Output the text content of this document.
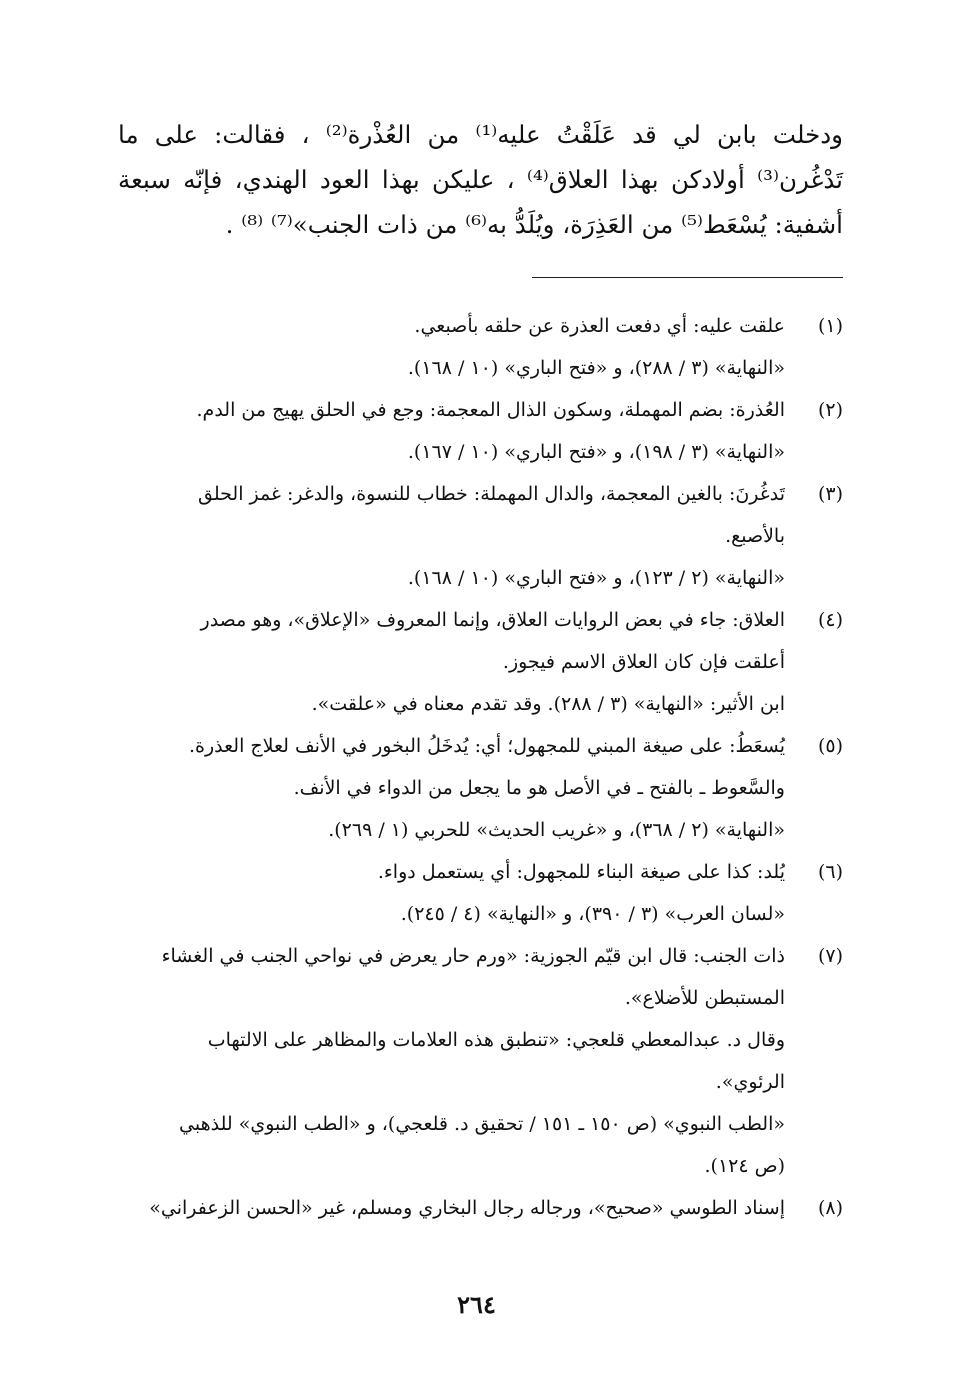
ودخلت بابن لي قد عَلَقْتُ عليه⁽¹⁾ من العُذْرة⁽²⁾ ، فقالت: على ما
تَدْغُرن⁽³⁾ أولادكن بهذا العلاق⁽⁴⁾ ، عليكن بهذا العود الهندي، فإنّه سبعة
أشفية: يُسْعَط⁽⁵⁾ من العَذِرَة، ويُلَدُّ به⁽⁶⁾ من ذات الجنب»⁽⁷⁾ ⁽⁸⁾ .
(١)
علقت عليه: أي دفعت العذرة عن حلقه بأصبعي.
«النهاية» (٣ / ٢٨٨)، و «فتح الباري» (١٠ / ١٦٨).
(٢)
العُذرة: بضم المهملة، وسكون الذال المعجمة: وجع في الحلق يهيج من الدم.
«النهاية» (٣ / ١٩٨)، و «فتح الباري» (١٠ / ١٦٧).
(٣)
تَدغُرنَ: بالغين المعجمة، والدال المهملة: خطاب للنسوة، والدغر: غمز الحلق
بالأصبع.
«النهاية» (٢ / ١٢٣)، و «فتح الباري» (١٠ / ١٦٨).
(٤)
العلاق: جاء في بعض الروايات العلاق، وإنما المعروف «الإعلاق»، وهو مصدر
أعلقت فإن كان العلاق الاسم فيجوز.
ابن الأثير: «النهاية» (٣ / ٢٨٨). وقد تقدم معناه في «علقت».
(٥)
يُسعَطُ: على صيغة المبني للمجهول؛ أي: يُدخَلُ البخور في الأنف لعلاج العذرة.
والسَّعوط ـ بالفتح ـ في الأصل هو ما يجعل من الدواء في الأنف.
«النهاية» (٢ / ٣٦٨)، و «غريب الحديث» للحربي (١ / ٢٦٩).
(٦)
يُلد: كذا على صيغة البناء للمجهول: أي يستعمل دواء.
«لسان العرب» (٣ / ٣٩٠)، و «النهاية» (٤ / ٢٤٥).
(٧)
ذات الجنب: قال ابن قيّم الجوزية: «ورم حار يعرض في نواحي الجنب في الغشاء
المستبطن للأضلاع».
وقال د. عبدالمعطي قلعجي: «تنطبق هذه العلامات والمظاهر على الالتهاب
الرئوي».
«الطب النبوي» (ص ١٥٠ ـ ١٥١ / تحقيق د. قلعجي)، و «الطب النبوي» للذهبي
(ص ١٢٤).
(٨)
إسناد الطوسي «صحيح»، ورجاله رجال البخاري ومسلم، غير «الحسن الزعفراني»
٢٦٤
